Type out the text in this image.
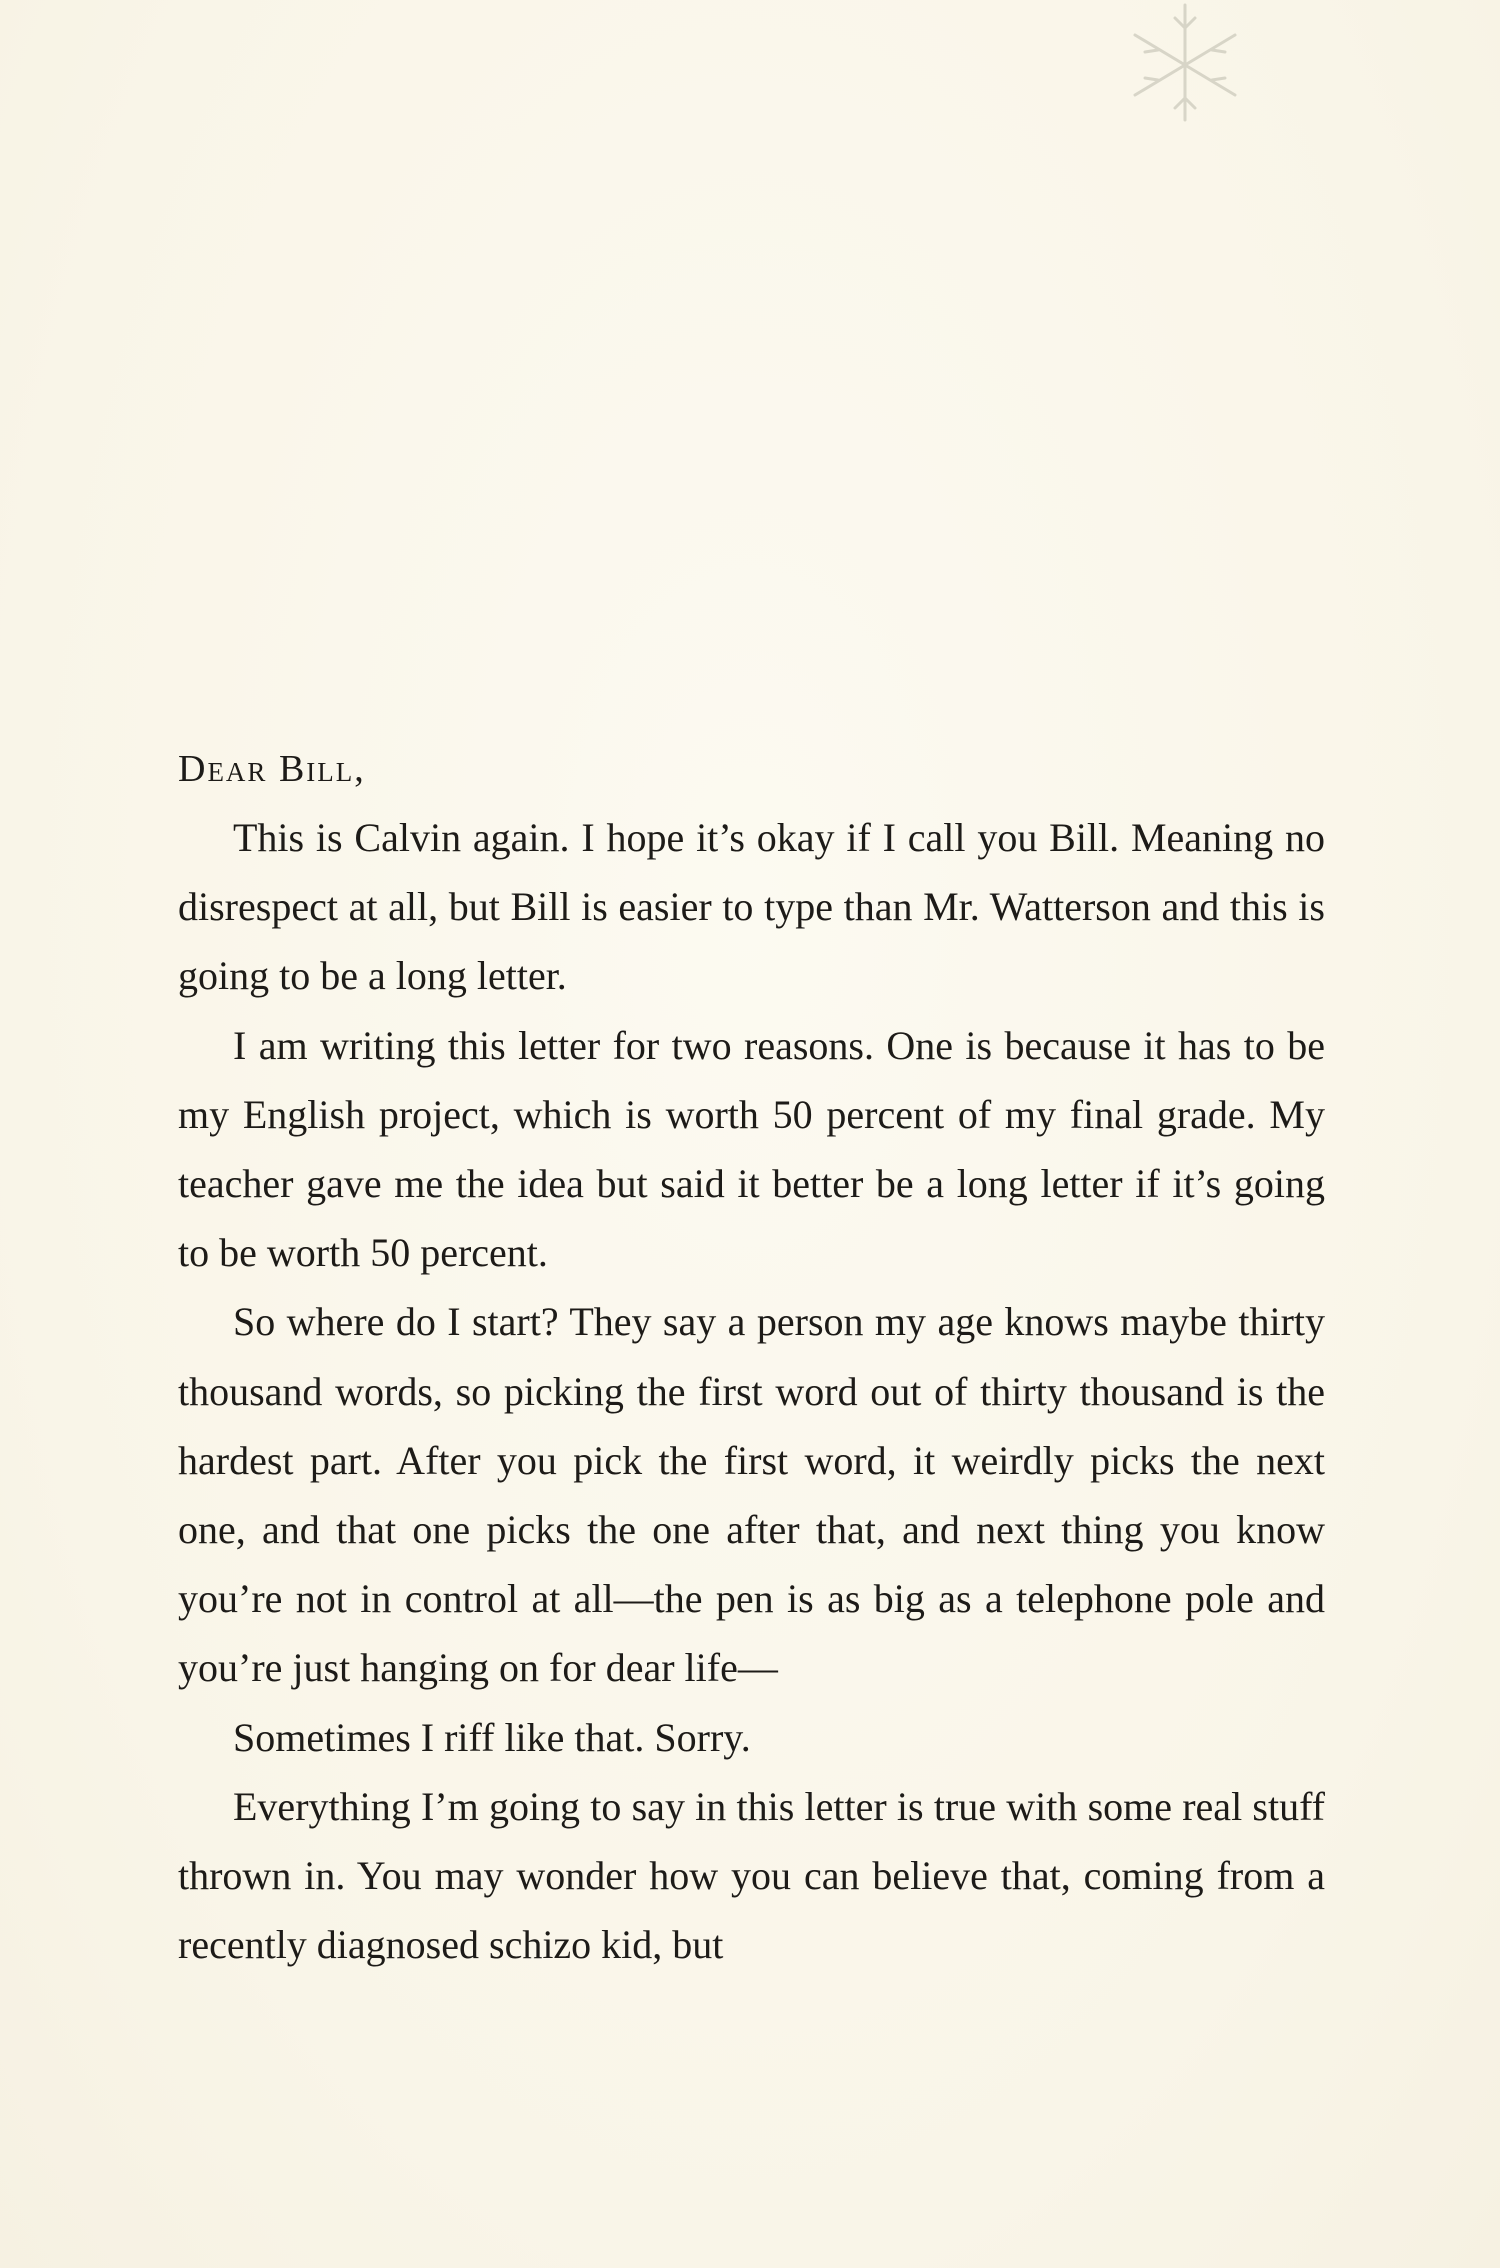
Dear Bill,

This is Calvin again. I hope it’s okay if I call you Bill. Meaning no disrespect at all, but Bill is easier to type than Mr. Watterson and this is going to be a long letter.

I am writing this letter for two reasons. One is because it has to be my English project, which is worth 50 percent of my final grade. My teacher gave me the idea but said it better be a long letter if it’s going to be worth 50 percent.

So where do I start? They say a person my age knows maybe thirty thousand words, so picking the first word out of thirty thousand is the hardest part. After you pick the first word, it weirdly picks the next one, and that one picks the one after that, and next thing you know you’re not in control at all—the pen is as big as a telephone pole and you’re just hanging on for dear life—

Sometimes I riff like that. Sorry.

Everything I’m going to say in this letter is true with some real stuff thrown in. You may wonder how you can believe that, coming from a recently diagnosed schizo kid, but
